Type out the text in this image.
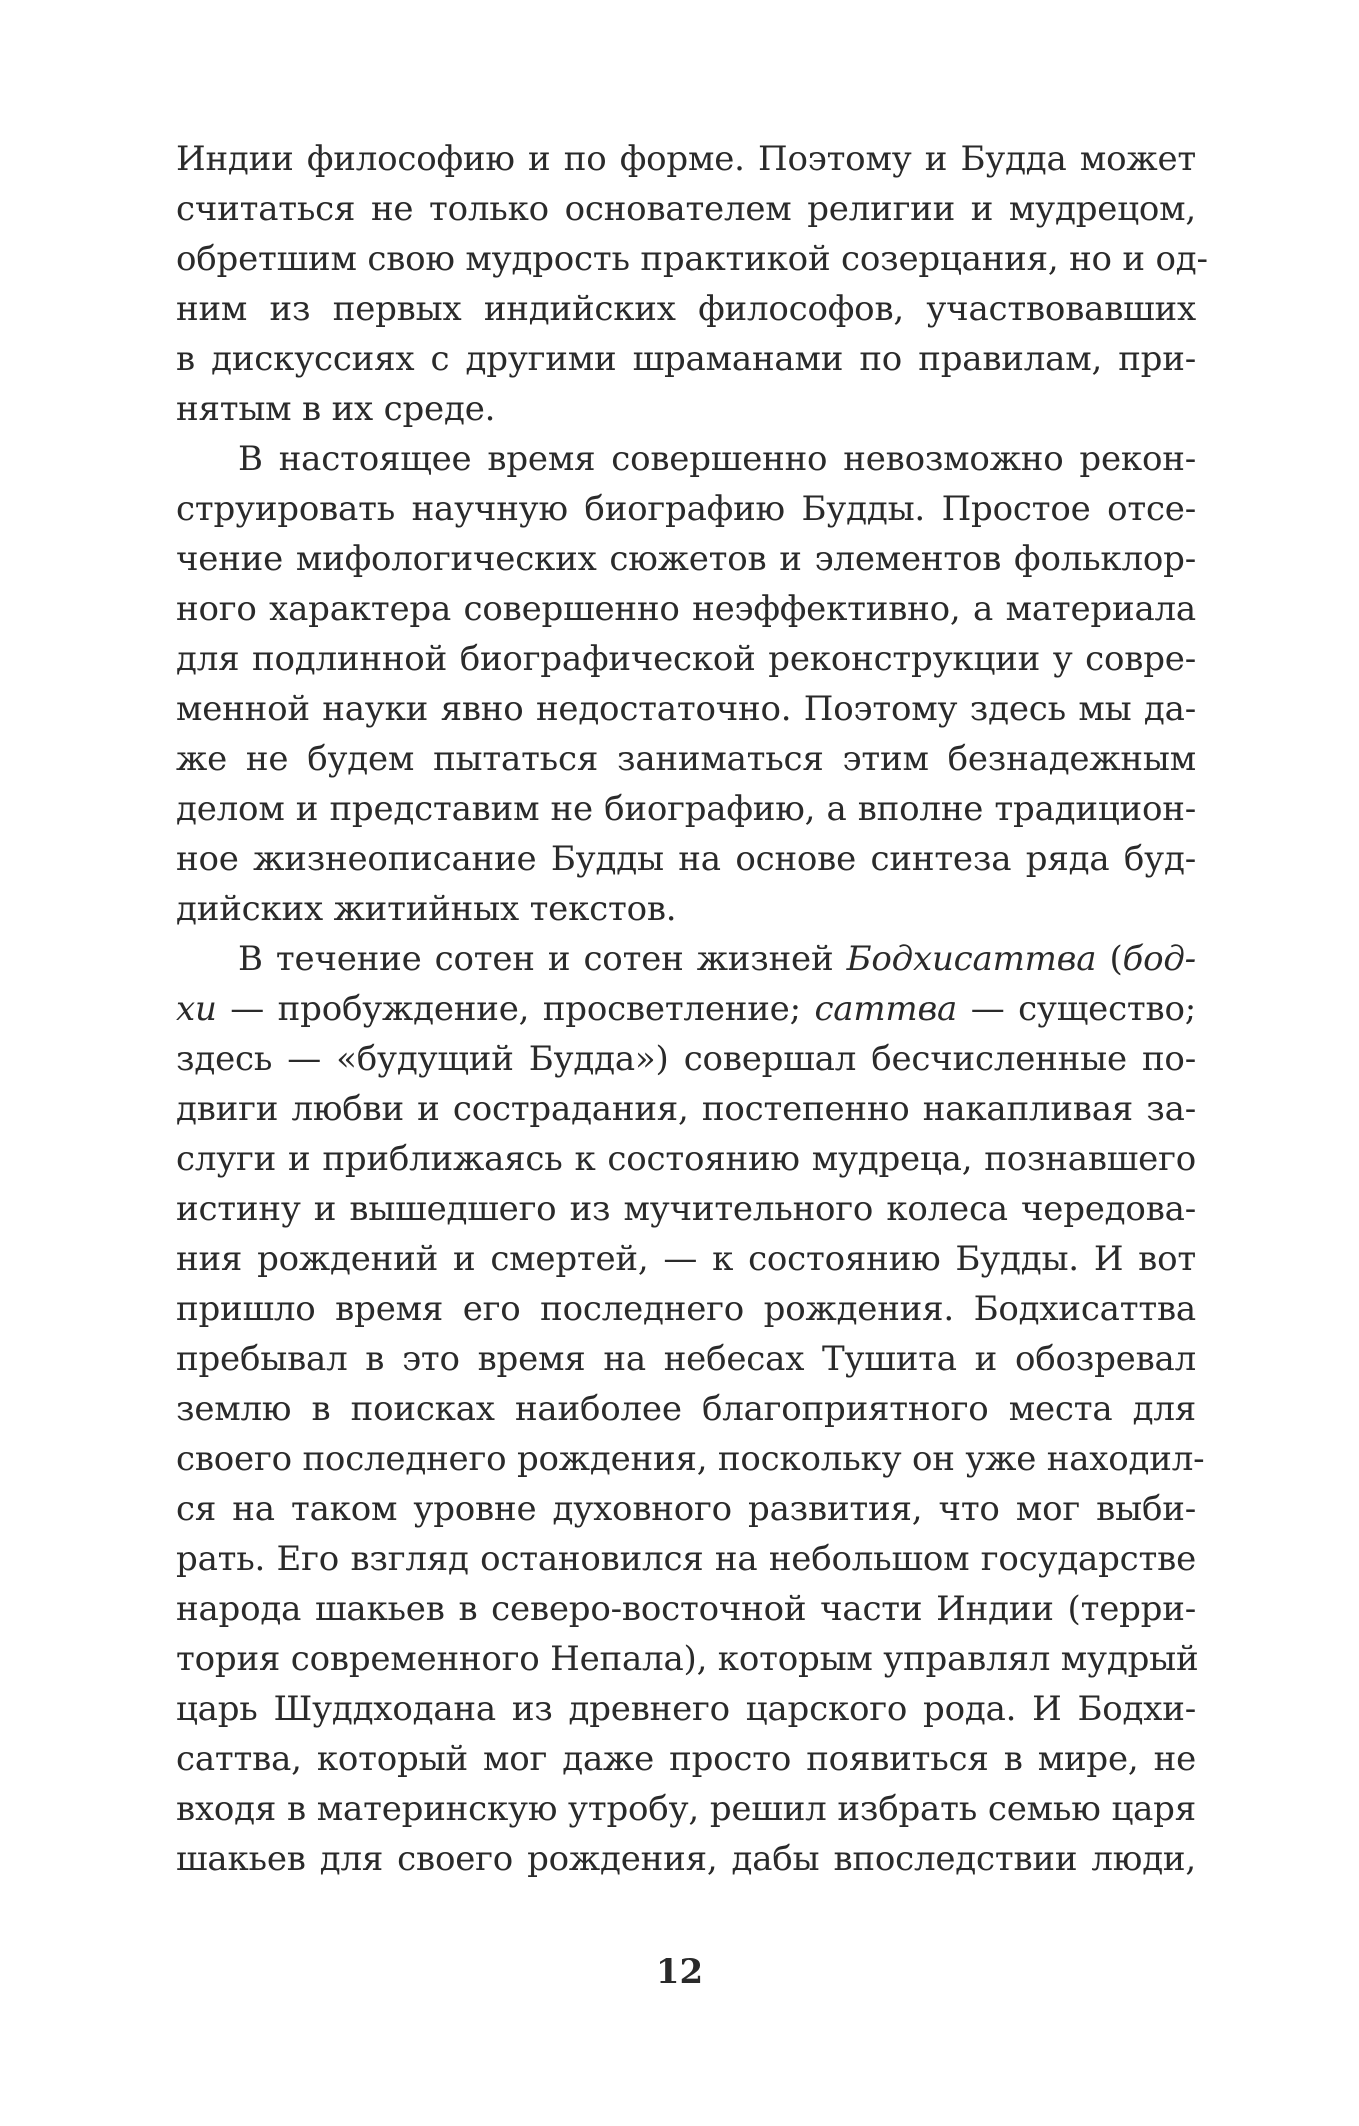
Индии философию и по форме. Поэтому и Будда может
считаться не только основателем религии и мудрецом,
обретшим свою мудрость практикой созерцания, но и од-
ним из первых индийских философов, участвовавших
в дискуссиях с другими шраманами по правилам, при-
нятым в их среде.
В настоящее время совершенно невозможно рекон-
струировать научную биографию Будды. Простое отсе-
чение мифологических сюжетов и элементов фольклор-
ного характера совершенно неэффективно, а материала
для подлинной биографической реконструкции у совре-
менной науки явно недостаточно. Поэтому здесь мы да-
же не будем пытаться заниматься этим безнадежным
делом и представим не биографию, а вполне традицион-
ное жизнеописание Будды на основе синтеза ряда буд-
дийских житийных текстов.
В течение сотен и сотен жизней Бодхисаттва (бод-
хи — пробуждение, просветление; саттва — существо;
здесь — «будущий Будда») совершал бесчисленные по-
двиги любви и сострадания, постепенно накапливая за-
слуги и приближаясь к состоянию мудреца, познавшего
истину и вышедшего из мучительного колеса чередова-
ния рождений и смертей, — к состоянию Будды. И вот
пришло время его последнего рождения. Бодхисаттва
пребывал в это время на небесах Тушита и обозревал
землю в поисках наиболее благоприятного места для
своего последнего рождения, поскольку он уже находил-
ся на таком уровне духовного развития, что мог выби-
рать. Его взгляд остановился на небольшом государстве
народа шакьев в северо-восточной части Индии (терри-
тория современного Непала), которым управлял мудрый
царь Шуддходана из древнего царского рода. И Бодхи-
саттва, который мог даже просто появиться в мире, не
входя в материнскую утробу, решил избрать семью царя
шакьев для своего рождения, дабы впоследствии люди,
12
